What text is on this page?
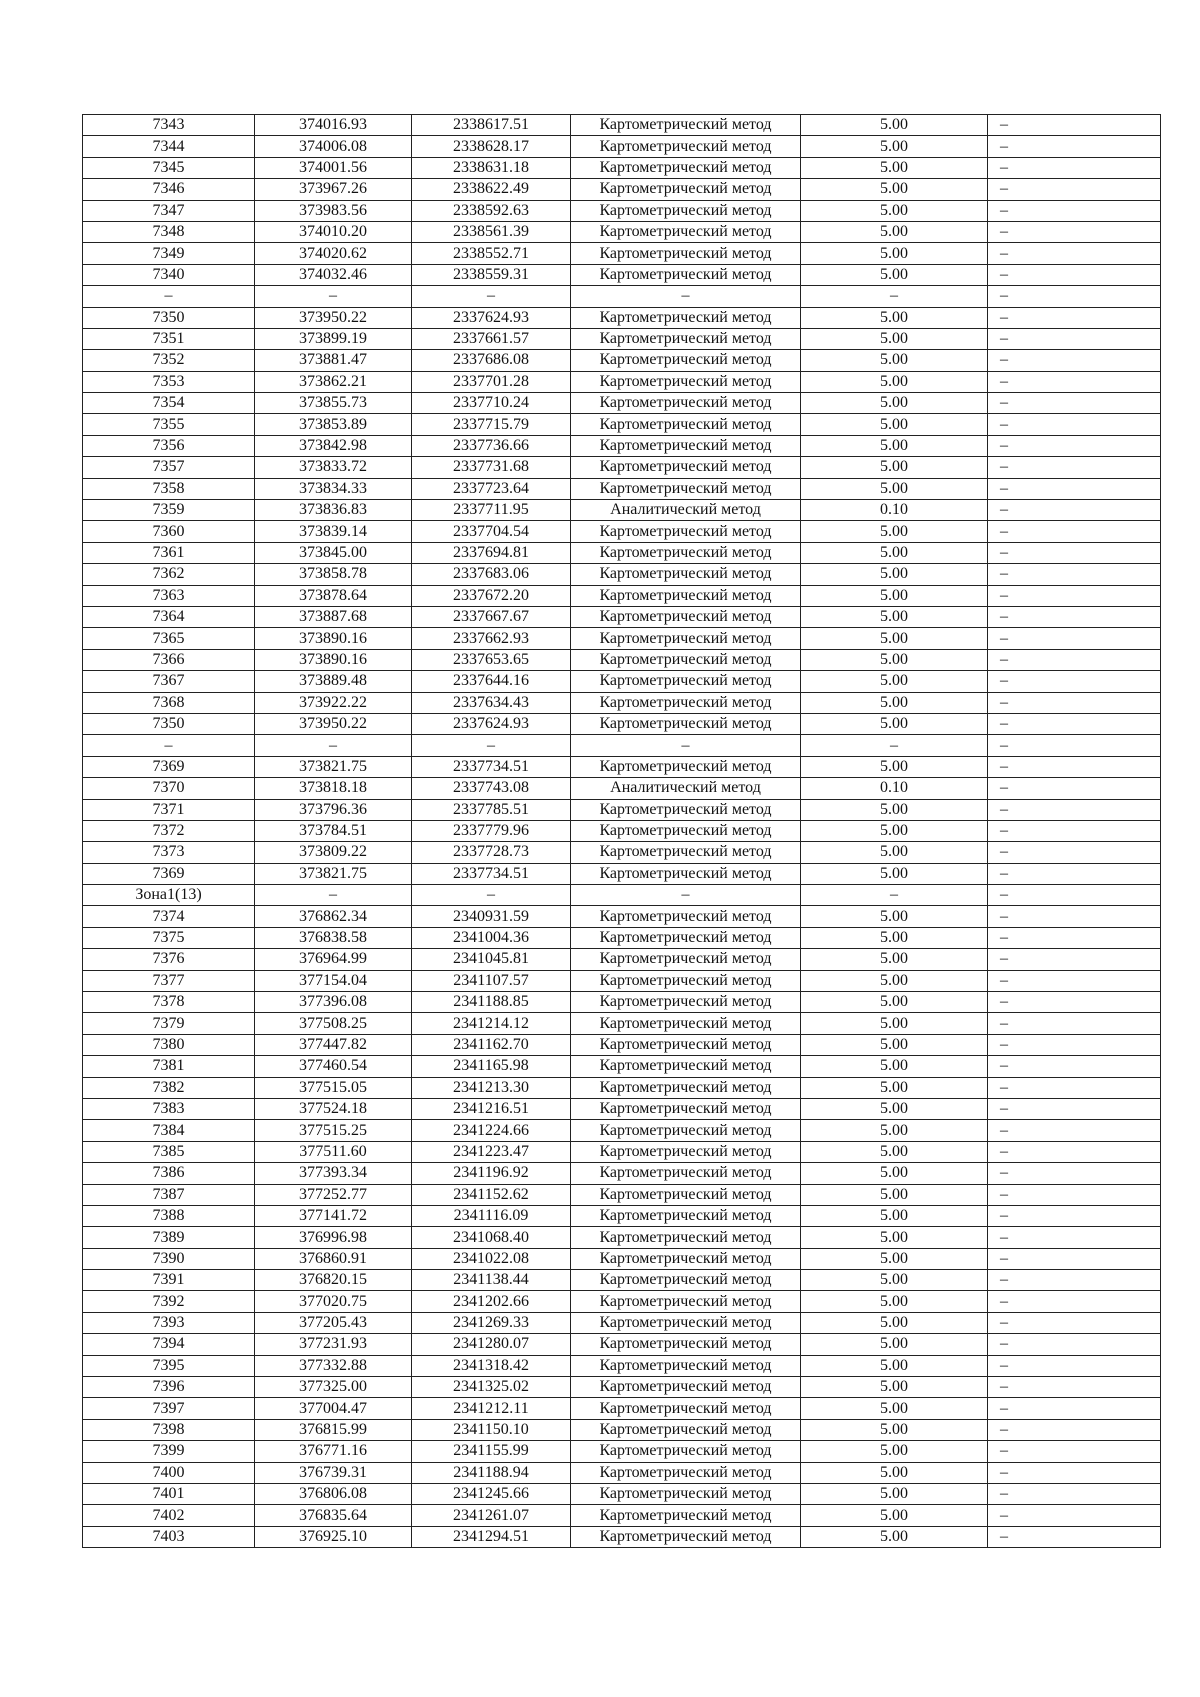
7343	374016.93	2338617.51	Картометрический метод	5.00	–
7344	374006.08	2338628.17	Картометрический метод	5.00	–
7345	374001.56	2338631.18	Картометрический метод	5.00	–
7346	373967.26	2338622.49	Картометрический метод	5.00	–
7347	373983.56	2338592.63	Картометрический метод	5.00	–
7348	374010.20	2338561.39	Картометрический метод	5.00	–
7349	374020.62	2338552.71	Картометрический метод	5.00	–
7340	374032.46	2338559.31	Картометрический метод	5.00	–
–	–	–	–	–	–
7350	373950.22	2337624.93	Картометрический метод	5.00	–
7351	373899.19	2337661.57	Картометрический метод	5.00	–
7352	373881.47	2337686.08	Картометрический метод	5.00	–
7353	373862.21	2337701.28	Картометрический метод	5.00	–
7354	373855.73	2337710.24	Картометрический метод	5.00	–
7355	373853.89	2337715.79	Картометрический метод	5.00	–
7356	373842.98	2337736.66	Картометрический метод	5.00	–
7357	373833.72	2337731.68	Картометрический метод	5.00	–
7358	373834.33	2337723.64	Картометрический метод	5.00	–
7359	373836.83	2337711.95	Аналитический метод	0.10	–
7360	373839.14	2337704.54	Картометрический метод	5.00	–
7361	373845.00	2337694.81	Картометрический метод	5.00	–
7362	373858.78	2337683.06	Картометрический метод	5.00	–
7363	373878.64	2337672.20	Картометрический метод	5.00	–
7364	373887.68	2337667.67	Картометрический метод	5.00	–
7365	373890.16	2337662.93	Картометрический метод	5.00	–
7366	373890.16	2337653.65	Картометрический метод	5.00	–
7367	373889.48	2337644.16	Картометрический метод	5.00	–
7368	373922.22	2337634.43	Картометрический метод	5.00	–
7350	373950.22	2337624.93	Картометрический метод	5.00	–
–	–	–	–	–	–
7369	373821.75	2337734.51	Картометрический метод	5.00	–
7370	373818.18	2337743.08	Аналитический метод	0.10	–
7371	373796.36	2337785.51	Картометрический метод	5.00	–
7372	373784.51	2337779.96	Картометрический метод	5.00	–
7373	373809.22	2337728.73	Картометрический метод	5.00	–
7369	373821.75	2337734.51	Картометрический метод	5.00	–
Зона1(13)	–	–	–	–	–
7374	376862.34	2340931.59	Картометрический метод	5.00	–
7375	376838.58	2341004.36	Картометрический метод	5.00	–
7376	376964.99	2341045.81	Картометрический метод	5.00	–
7377	377154.04	2341107.57	Картометрический метод	5.00	–
7378	377396.08	2341188.85	Картометрический метод	5.00	–
7379	377508.25	2341214.12	Картометрический метод	5.00	–
7380	377447.82	2341162.70	Картометрический метод	5.00	–
7381	377460.54	2341165.98	Картометрический метод	5.00	–
7382	377515.05	2341213.30	Картометрический метод	5.00	–
7383	377524.18	2341216.51	Картометрический метод	5.00	–
7384	377515.25	2341224.66	Картометрический метод	5.00	–
7385	377511.60	2341223.47	Картометрический метод	5.00	–
7386	377393.34	2341196.92	Картометрический метод	5.00	–
7387	377252.77	2341152.62	Картометрический метод	5.00	–
7388	377141.72	2341116.09	Картометрический метод	5.00	–
7389	376996.98	2341068.40	Картометрический метод	5.00	–
7390	376860.91	2341022.08	Картометрический метод	5.00	–
7391	376820.15	2341138.44	Картометрический метод	5.00	–
7392	377020.75	2341202.66	Картометрический метод	5.00	–
7393	377205.43	2341269.33	Картометрический метод	5.00	–
7394	377231.93	2341280.07	Картометрический метод	5.00	–
7395	377332.88	2341318.42	Картометрический метод	5.00	–
7396	377325.00	2341325.02	Картометрический метод	5.00	–
7397	377004.47	2341212.11	Картометрический метод	5.00	–
7398	376815.99	2341150.10	Картометрический метод	5.00	–
7399	376771.16	2341155.99	Картометрический метод	5.00	–
7400	376739.31	2341188.94	Картометрический метод	5.00	–
7401	376806.08	2341245.66	Картометрический метод	5.00	–
7402	376835.64	2341261.07	Картометрический метод	5.00	–
7403	376925.10	2341294.51	Картометрический метод	5.00	–
